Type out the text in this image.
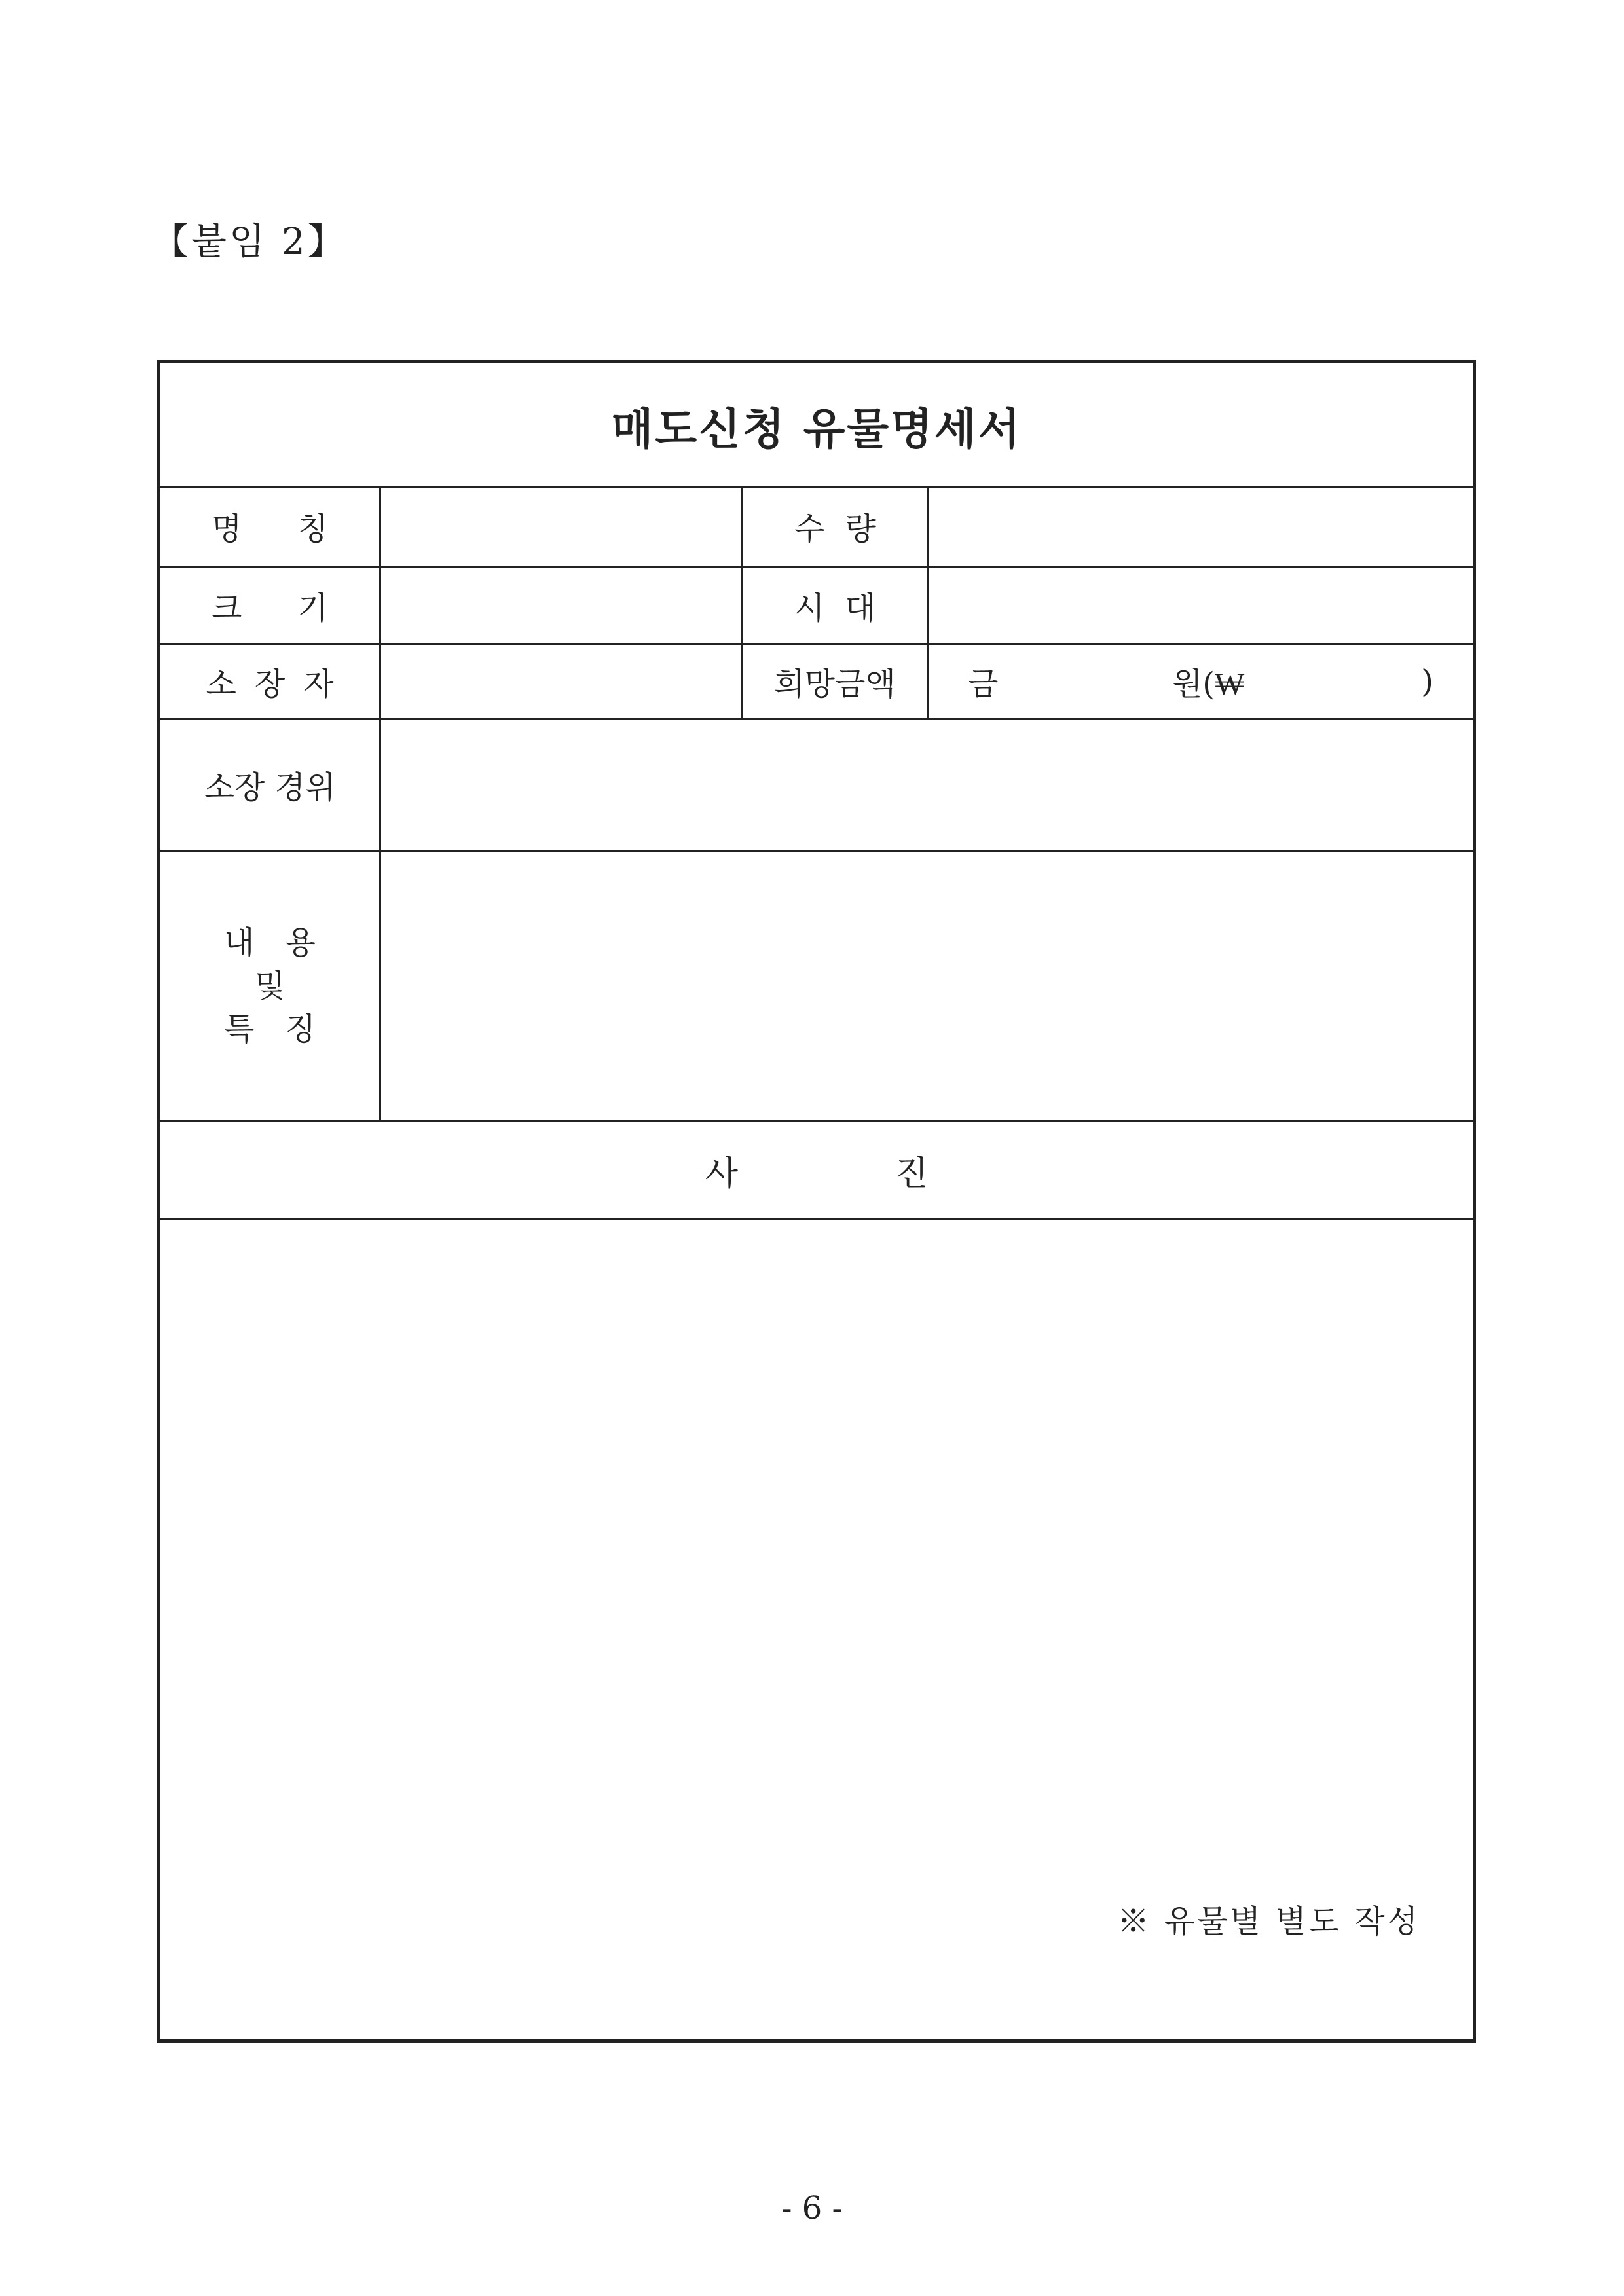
【붙임 2】
매도신청 유물명세서
명 칭	수 량
크 기	시 대
소 장 자	희망금액	금	원(₩	)
소장 경위
내 용
및
특 징
사	진
※ 유물별 별도 작성
- 6 -
